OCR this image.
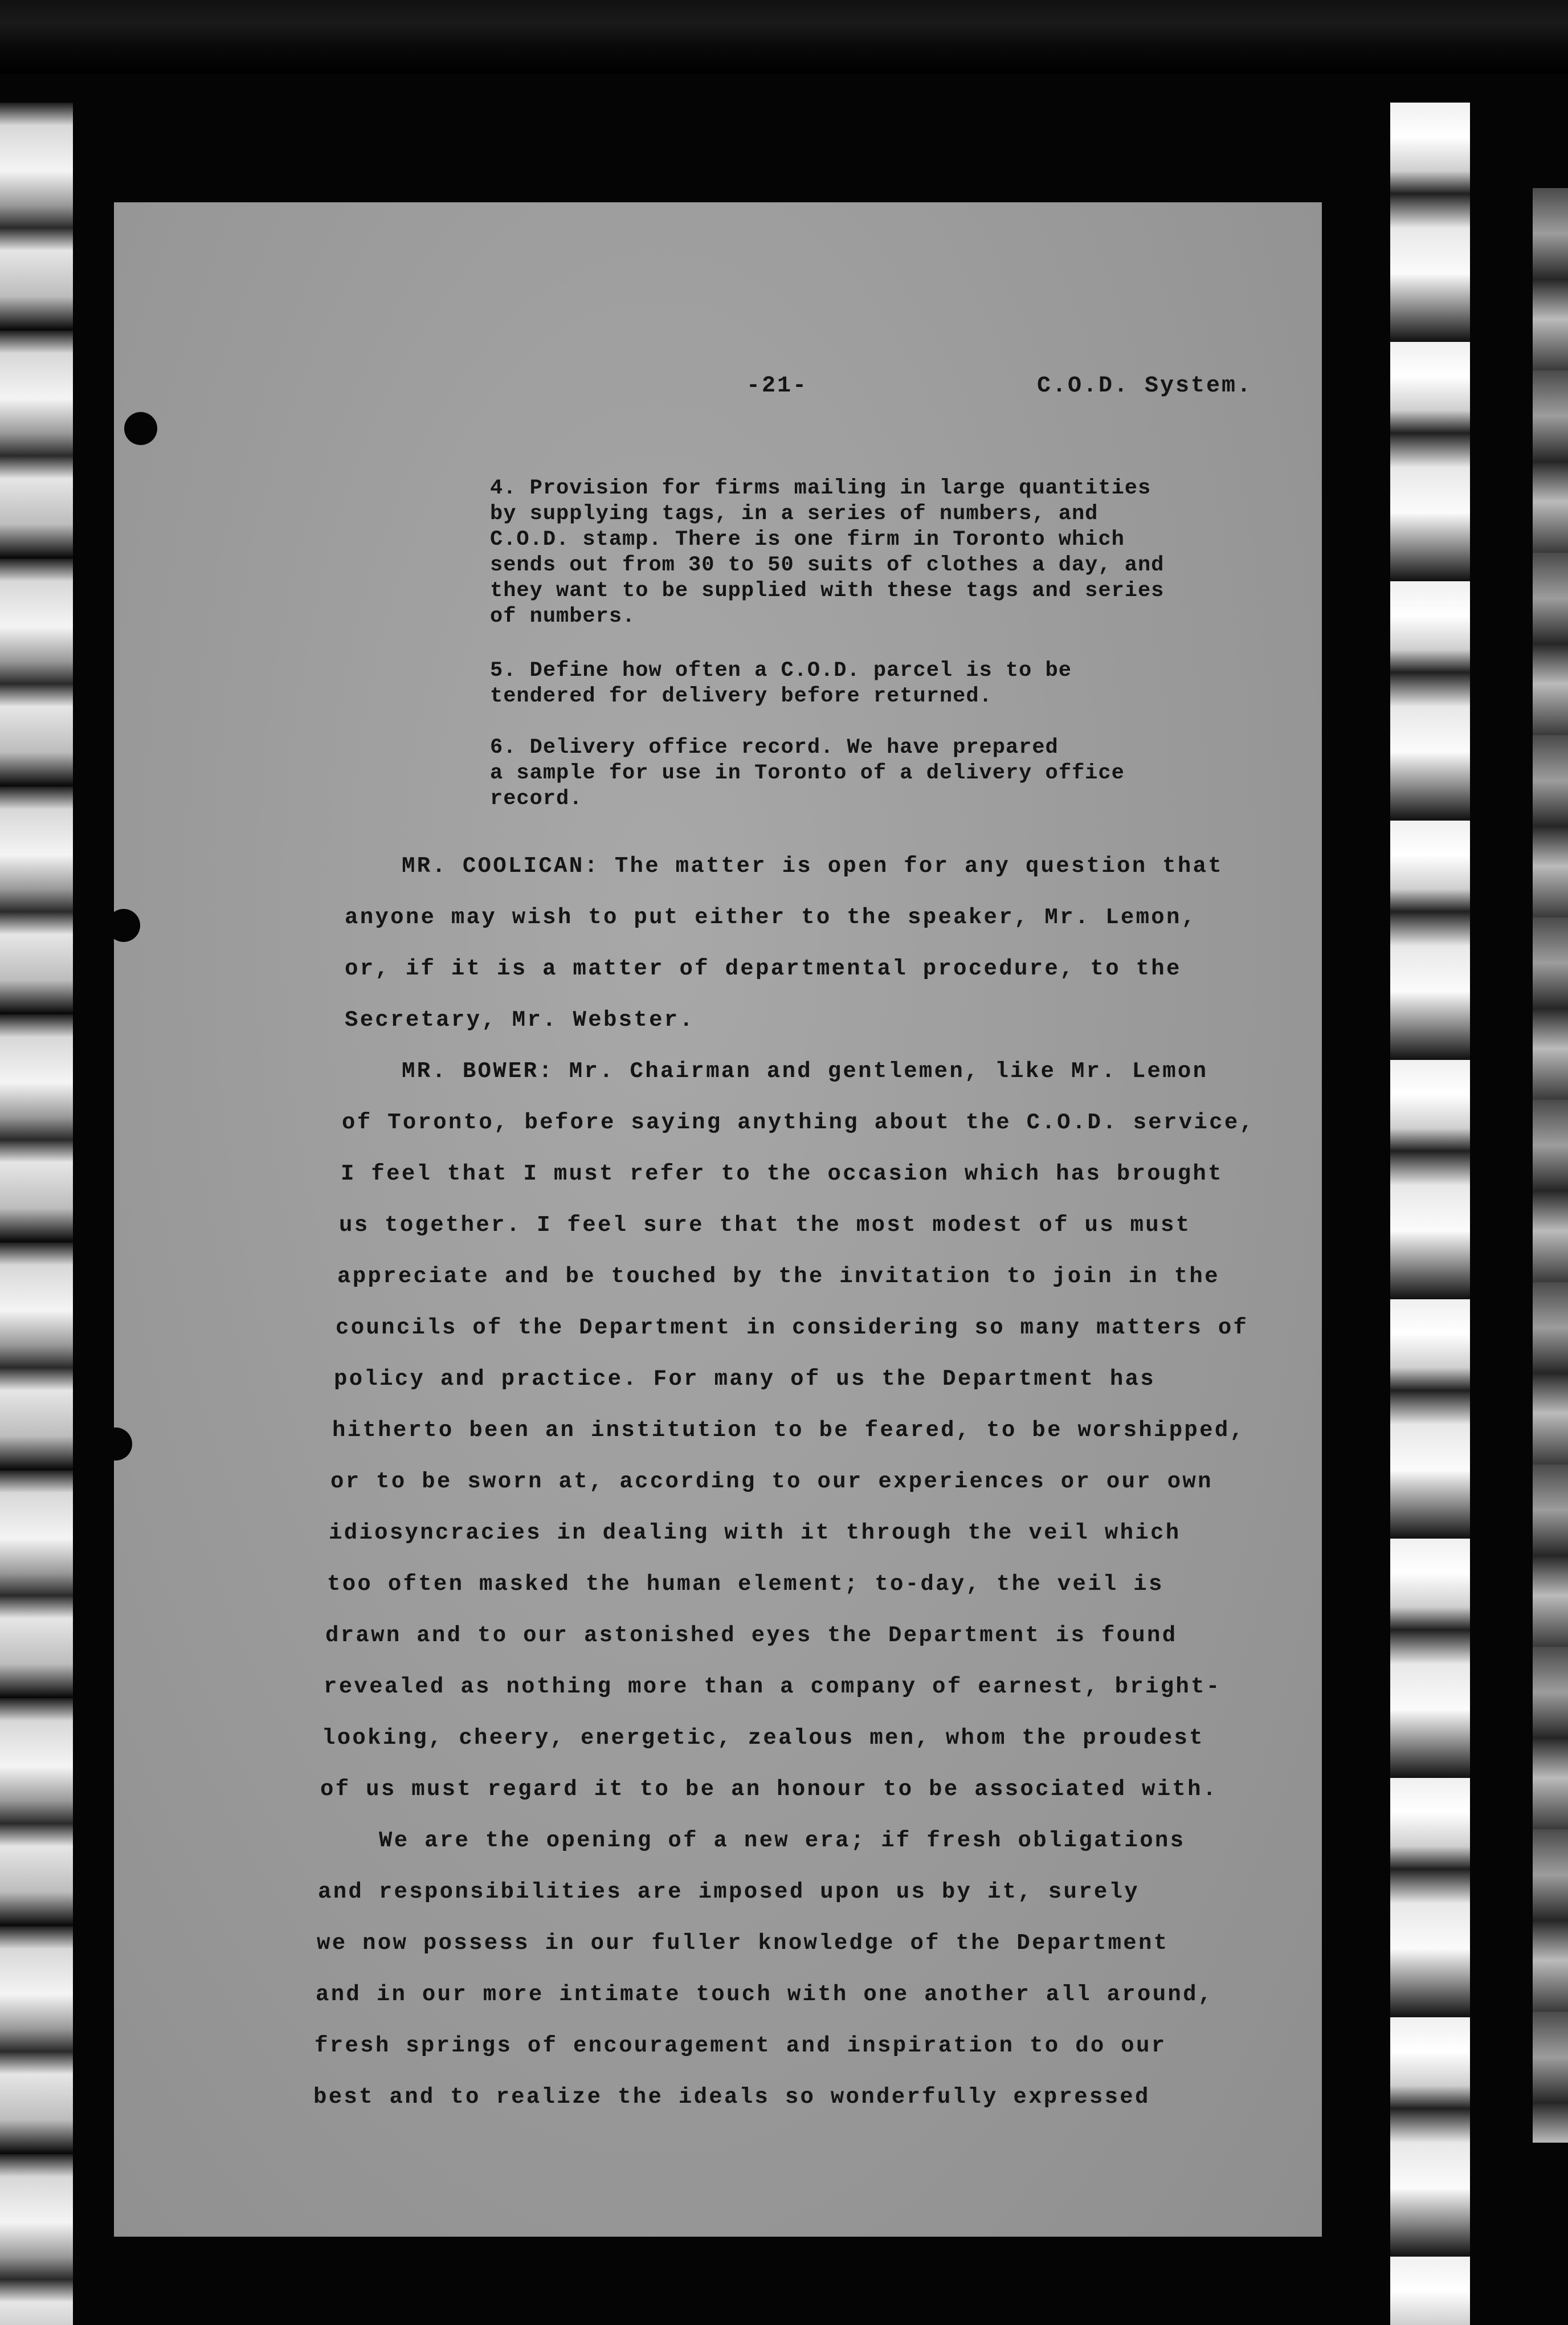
-21-	C.O.D. System.
4. Provision for firms mailing in large quantities
by supplying tags, in a series of numbers, and
C.O.D. stamp. There is one firm in Toronto which
sends out from 30 to 50 suits of clothes a day, and
they want to be supplied with these tags and series
of numbers.
5. Define how often a C.O.D. parcel is to be
tendered for delivery before returned.
6. Delivery office record. We have prepared
a sample for use in Toronto of a delivery office
record.
MR. COOLICAN: The matter is open for any question that
anyone may wish to put either to the speaker, Mr. Lemon,
or, if it is a matter of departmental procedure, to the
Secretary, Mr. Webster.
MR. BOWER: Mr. Chairman and gentlemen, like Mr. Lemon
of Toronto, before saying anything about the C.O.D. service,
I feel that I must refer to the occasion which has brought
us together. I feel sure that the most modest of us must
appreciate and be touched by the invitation to join in the
councils of the Department in considering so many matters of
policy and practice. For many of us the Department has
hitherto been an institution to be feared, to be worshipped,
or to be sworn at, according to our experiences or our own
idiosyncracies in dealing with it through the veil which
too often masked the human element; to-day, the veil is
drawn and to our astonished eyes the Department is found
revealed as nothing more than a company of earnest, bright-
looking, cheery, energetic, zealous men, whom the proudest
of us must regard it to be an honour to be associated with.
We are the opening of a new era; if fresh obligations
and responsibilities are imposed upon us by it, surely
we now possess in our fuller knowledge of the Department
and in our more intimate touch with one another all around,
fresh springs of encouragement and inspiration to do our
best and to realize the ideals so wonderfully expressed
